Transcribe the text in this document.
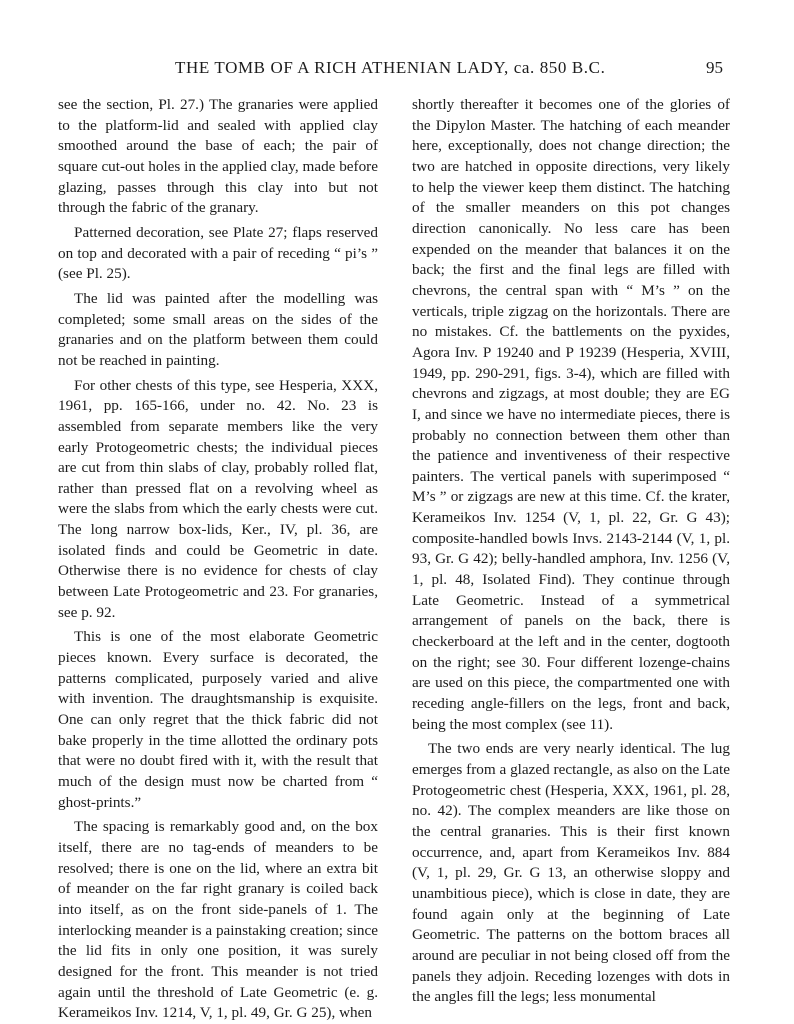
THE TOMB OF A RICH ATHENIAN LADY, ca. 850 B.C.	95

see the section, Pl. 27.) The granaries were applied to the platform-lid and sealed with applied clay smoothed around the base of each; the pair of square cut-out holes in the applied clay, made before glazing, passes through this clay into but not through the fabric of the granary.

Patterned decoration, see Plate 27; flaps reserved on top and decorated with a pair of receding “ pi’s ” (see Pl. 25).

The lid was painted after the modelling was completed; some small areas on the sides of the granaries and on the platform between them could not be reached in painting.

For other chests of this type, see Hesperia, XXX, 1961, pp. 165-166, under no. 42. No. 23 is assembled from separate members like the very early Protogeometric chests; the individual pieces are cut from thin slabs of clay, probably rolled flat, rather than pressed flat on a revolving wheel as were the slabs from which the early chests were cut. The long narrow box-lids, Ker., IV, pl. 36, are isolated finds and could be Geometric in date. Otherwise there is no evidence for chests of clay between Late Protogeometric and 23. For granaries, see p. 92.

This is one of the most elaborate Geometric pieces known. Every surface is decorated, the patterns complicated, purposely varied and alive with invention. The draughtsmanship is exquisite. One can only regret that the thick fabric did not bake properly in the time allotted the ordinary pots that were no doubt fired with it, with the result that much of the design must now be charted from “ ghost-prints.”

The spacing is remarkably good and, on the box itself, there are no tag-ends of meanders to be resolved; there is one on the lid, where an extra bit of meander on the far right granary is coiled back into itself, as on the front side-panels of 1. The interlocking meander is a painstaking creation; since the lid fits in only one position, it was surely designed for the front. This meander is not tried again until the threshold of Late Geometric (e. g. Kerameikos Inv. 1214, V, 1, pl. 49, Gr. G 25), when

shortly thereafter it becomes one of the glories of the Dipylon Master. The hatching of each meander here, exceptionally, does not change direction; the two are hatched in opposite directions, very likely to help the viewer keep them distinct. The hatching of the smaller meanders on this pot changes direction canonically. No less care has been expended on the meander that balances it on the back; the first and the final legs are filled with chevrons, the central span with “ M’s ” on the verticals, triple zigzag on the horizontals. There are no mistakes. Cf. the battlements on the pyxides, Agora Inv. P 19240 and P 19239 (Hesperia, XVIII, 1949, pp. 290-291, figs. 3-4), which are filled with chevrons and zigzags, at most double; they are EG I, and since we have no intermediate pieces, there is probably no connection between them other than the patience and inventiveness of their respective painters. The vertical panels with superimposed “ M’s ” or zigzags are new at this time. Cf. the krater, Kerameikos Inv. 1254 (V, 1, pl. 22, Gr. G 43); composite-handled bowls Invs. 2143-2144 (V, 1, pl. 93, Gr. G 42); belly-handled amphora, Inv. 1256 (V, 1, pl. 48, Isolated Find). They continue through Late Geometric. Instead of a symmetrical arrangement of panels on the back, there is checkerboard at the left and in the center, dogtooth on the right; see 30. Four different lozenge-chains are used on this piece, the compartmented one with receding angle-fillers on the legs, front and back, being the most complex (see 11).

The two ends are very nearly identical. The lug emerges from a glazed rectangle, as also on the Late Protogeometric chest (Hesperia, XXX, 1961, pl. 28, no. 42). The complex meanders are like those on the central granaries. This is their first known occurrence, and, apart from Kerameikos Inv. 884 (V, 1, pl. 29, Gr. G 13, an otherwise sloppy and unambitious piece), which is close in date, they are found again only at the beginning of Late Geometric. The patterns on the bottom braces all around are peculiar in not being closed off from the panels they adjoin. Receding lozenges with dots in the angles fill the legs; less monumental
